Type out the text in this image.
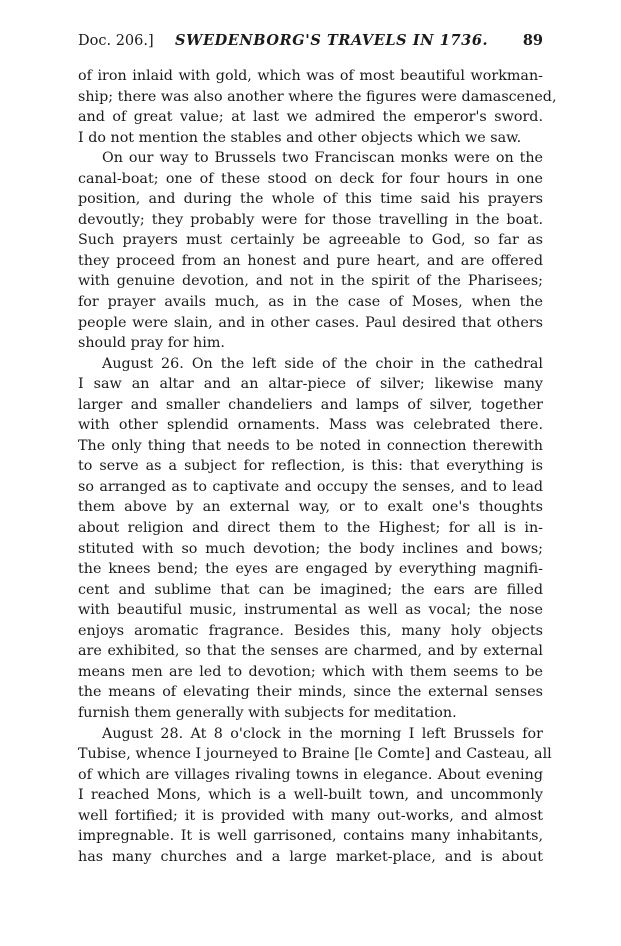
Doc. 206.] SWEDENBORG'S TRAVELS IN 1736. 89

of iron inlaid with gold, which was of most beautiful workman-
ship; there was also another where the figures were damascened,
and of great value; at last we admired the emperor's sword.
I do not mention the stables and other objects which we saw.

On our way to Brussels two Franciscan monks were on the
canal-boat; one of these stood on deck for four hours in one
position, and during the whole of this time said his prayers
devoutly; they probably were for those travelling in the boat.
Such prayers must certainly be agreeable to God, so far as
they proceed from an honest and pure heart, and are offered
with genuine devotion, and not in the spirit of the Pharisees;
for prayer avails much, as in the case of Moses, when the
people were slain, and in other cases. Paul desired that others
should pray for him.

August 26. On the left side of the choir in the cathedral
I saw an altar and an altar-piece of silver; likewise many
larger and smaller chandeliers and lamps of silver, together
with other splendid ornaments. Mass was celebrated there.
The only thing that needs to be noted in connection therewith
to serve as a subject for reflection, is this: that everything is
so arranged as to captivate and occupy the senses, and to lead
them above by an external way, or to exalt one's thoughts
about religion and direct them to the Highest; for all is in-
stituted with so much devotion; the body inclines and bows;
the knees bend; the eyes are engaged by everything magnifi-
cent and sublime that can be imagined; the ears are filled
with beautiful music, instrumental as well as vocal; the nose
enjoys aromatic fragrance. Besides this, many holy objects
are exhibited, so that the senses are charmed, and by external
means men are led to devotion; which with them seems to be
the means of elevating their minds, since the external senses
furnish them generally with subjects for meditation.

August 28. At 8 o'clock in the morning I left Brussels for
Tubise, whence I journeyed to Braine [le Comte] and Casteau, all
of which are villages rivaling towns in elegance. About evening
I reached Mons, which is a well-built town, and uncommonly
well fortified; it is provided with many out-works, and almost
impregnable. It is well garrisoned, contains many inhabitants,
has many churches and a large market-place, and is about
